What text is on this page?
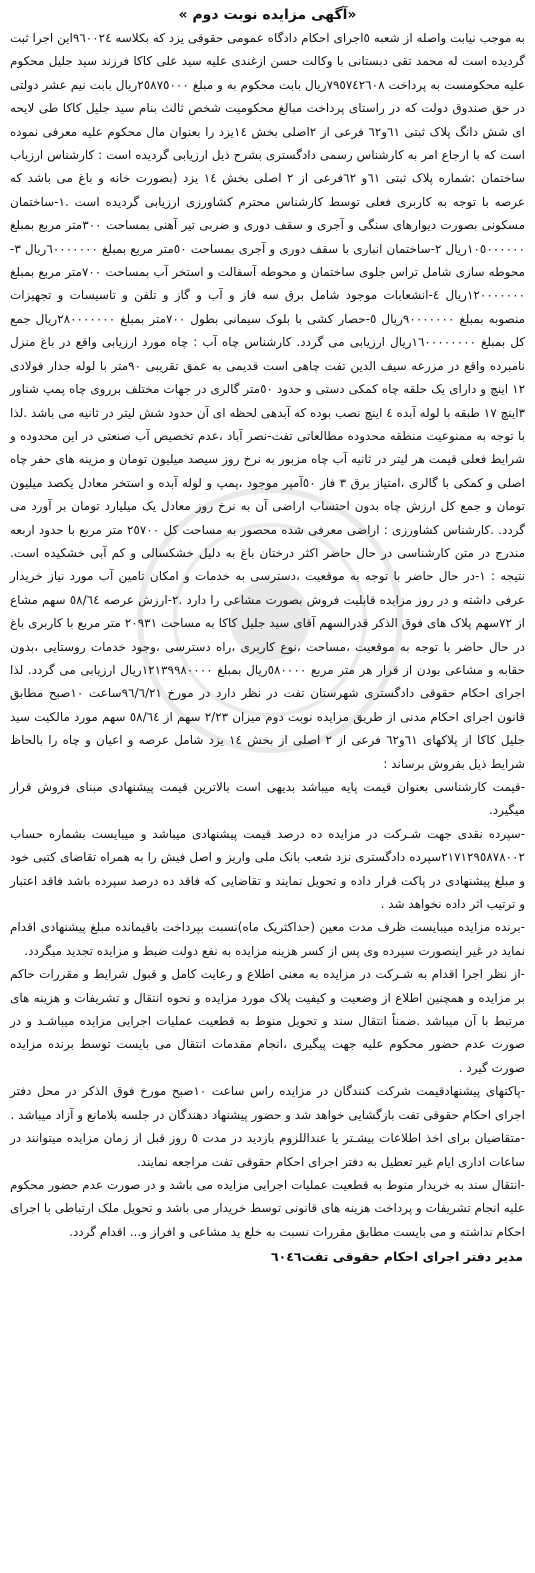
«آگهی مزایده نوبت دوم »

به موجب نیابت واصله از شعبه ٥اجرای احکام دادگاه عمومی حقوقی یزد که بکلاسه ۹٦۰۰۲٤این اجرا ثبت گردیده است له محمد تقی دبستانی با وکالت حسن ازغندی علیه سید علی کاکا فرزند سید جلیل محکوم علیه محکومست به پرداخت ۷۹٥۷٤٢٦۰۸ریال بابت محکوم به و مبلغ ۲٥۸۷٥۰۰۰ریال بابت نیم عشر دولتی در حق صندوق دولت که در راستای پرداخت مبالغ محکومیت شخص ثالث بنام سید جلیل کاکا طی لایحه ای شش دانگ پلاک ثبتی ٦۱و٦٢ فرعی از ٢اصلی بخش ١٤یزد را بعنوان مال محکوم علیه معرفی نموده است که با ارجاع امر به کارشناس رسمی دادگستری بشرح ذیل ارزیابی گردیده است : کارشناس ارزیاب ساختمان :شماره پلاک ثبتی ٦۱و ٦٢فرعی از ٢ اصلی بخش ١٤ یزد (بصورت خانه و باغ می باشد که عرصه با توجه به کاربری فعلی توسط کارشناس محترم کشاورزی ارزیابی گردیده است .١-ساختمان مسکونی بصورت دیوارهای سنگی و آجری و سقف دوری و ضربی تیر آهنی بمساحت ٣۰۰متر مربع بمبلغ ١۰٥۰۰۰۰۰۰ریال ٢-ساختمان انباری با سقف دوری و آجری بمساحت ٥۰متر مربع بمبلغ ٦۰۰۰۰۰۰۰ریال ٣-محوطه سازی شامل تراس جلوی ساختمان و محوطه آسفالت و استخر آب بمساحت ۷۰۰متر مربع بمبلغ ١٢۰۰۰۰۰۰۰ریال ٤-انشعابات موجود شامل برق سه فاز و آب و گاز و تلفن و تاسیسات و تجهیزات منصوبه بمبلغ ۹۰۰۰۰۰۰۰ریال ٥-حصار کشی با بلوک سیمانی بطول ۷۰۰متر بمبلغ ٢۸۰۰۰۰۰۰۰ریال جمع کل بمبلغ ١٦۰۰۰۰۰۰۰۰ریال ارزیابی می گردد. کارشناس چاه آب : چاه مورد ارزیابی واقع در باغ منزل نامبرده واقع در مزرعه سیف الدین تفت چاهی است قدیمی به عمق تقریبی ۹۰متر با لوله جدار فولادی ١٢ اینچ و دارای یک حلقه چاه کمکی دستی و حدود ٥۰متر گالری در جهات مختلف برروی چاه پمپ شناور ٣اینچ ١۷ طبقه با لوله آبده ٤ اینچ نصب بوده که آبدهی لحظه ای آن حدود شش لیتر در ثانیه می باشد .لذا با توجه به ممنوعیت منطقه محدوده مطالعاتی تفت-نصر آباد ،عدم تخصیص آب صنعتی در این محدوده و شرایط فعلی قیمت هر لیتر در ثانیه آب چاه مزبور به نرخ روز سیصد میلیون تومان و مزینه های حفر چاه اصلی و کمکی با گالری ،امتیاز برق ٣ فاز ٥۰آمپر موجود ،پمپ و لوله آبده و استخر معادل یکصد میلیون تومان و جمع کل ارزش چاه بدون احتساب اراضی آن به نرخ روز معادل یک میلیارد تومان بر آورد می گردد. .کارشناس کشاورزی : اراضی معرفی شده محصور به مساحت کل ٢٥۷۰۰ متر مربع با حدود اربعه مندرج در متن کارشناسی در حال حاضر اکثر درختان باغ به دلیل خشکسالی و کم آبی خشکیده است. نتیجه : ١-در حال حاضر با توجه به موقعیت ،دسترسی به خدمات و امکان تامین آب مورد نیاز خریدار عرفی داشته و در روز مزایده قابلیت فروش بصورت مشاعی را دارد .٢-ارزش عرصه ٥۸/٦٤ سهم مشاع از ۷٢سهم پلاک های فوق الذکر قدرالسهم آقای سید جلیل کاکا به مساحت ٢۰۹٣١ متر مربع با کاربری باغ در حال حاضر با توجه به موقعیت ،مساحت ،نوع کاربری ،راه دسترسی ،وجود خدمات روستایی ،بدون حقابه و مشاعی بودن از قرار هر متر مربع ٥۸۰۰۰۰ریال بمبلغ ١٢١٣۹۹۸۰۰۰۰ریال ارزیابی می گردد. لذا اجرای احکام حقوقی دادگستری شهرستان تفت در نظر دارد در مورخ ۹٦/٦/٢١ساعت ١۰صبح مطابق قانون اجرای احکام مدنی از طریق مزایده نوبت دوم میزان ٢/٢٣ سهم از ٥۸/٦٤ سهم مورد مالکیت سید جلیل کاکا از پلاکهای ٦۱و٦٢ فرعی از ٢ اصلی از بخش ١٤ یزد شامل عرصه و اعیان و چاه را بالحاظ شرایط ذیل بفروش برساند :

-قیمت کارشناسی بعنوان قیمت پایه میباشد بدیهی است بالاترین قیمت پیشنهادی مبنای فروش قرار میگیرد.

-سپرده نقدی جهت شـرکت در مزایده ده درصد قیمت پیشنهادی میباشد و میبایست بشماره حساب ٢١۷١٢۹٥۸۷۸۰۰٢سپرده دادگستری نزد شعب بانک ملی واریز و اصل فیش را به همراه تقاضای کتبی خود و مبلغ پیشنهادی در پاکت قرار داده و تحویل نمایند و تقاضایی که فاقد ده درصد سپرده باشد فاقد اعتبار و ترتیب اثر داده نخواهد شد .

-برنده مزایده میبایست ظرف مدت معین (حداکثریک ماه)نسبت بپرداخت باقیمانده مبلغ پیشنهادی اقدام نماید در غیر اینصورت سپرده وی پس از کسر هزینه مزایده به نفع دولت ضبط و مزایده تجدید میگردد.

-از نظر اجرا اقدام به شـرکت در مزایده به معنی اطلاع و رعایت کامل و قبول شرایط و مقررات حاکم بر مزایده و همچنین اطلاع از وضعیت و کیفیت پلاک مورد مزایده و نحوه انتقال و تشریفات و هزینه های مرتبط با آن میباشد .ضمناً انتقال سند و تحویل منوط به قطعیت عملیات اجرایی مزایده میباشـد و در صورت عدم حضور محکوم علیه جهت پیگیری ،انجام مقدمات انتقال می بایست توسط برنده مزایده صورت گیرد .

-پاکتهای پیشنهادقیمت شرکت کنندگان در مزایده راس ساعت ١۰صبح مورخ فوق الذکر در محل دفتر اجرای احکام حقوقی تفت بازگشایی خواهد شد و حضور پیشنهاد دهندگان در جلسه بلامانع و آزاد میباشد .

-متقاضیان برای اخذ اطلاعات بیشـتر یا عنداللزوم بازدید در مدت ٥ روز قبل از زمان مزایده میتوانند در ساعات اداری ایام غیر تعطیل به دفتر اجرای احکام حقوقی تفت مراجعه نمایند.

-انتقال سند به خریدار منوط به قطعیت عملیات اجرایی مزایده می باشد و در صورت عدم حضور محکوم علیه انجام تشریفات و پرداخت هزینه های قانونی توسط خریدار می باشد و تحویل ملک ارتباطی با اجرای احکام نداشته و می بایست مطابق مقررات نسبت به خلع ید مشاعی و افراز و... اقدام گردد.

مدیر دفتر اجرای احکام حقوقی تفت٦۰٤٦
